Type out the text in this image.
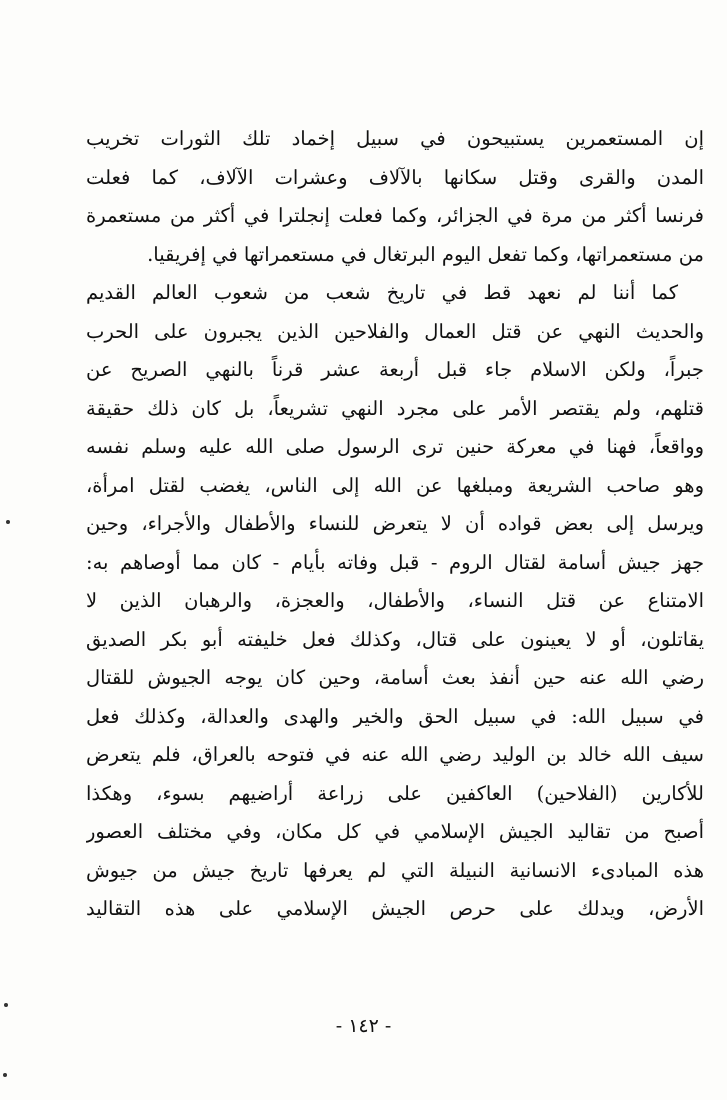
إن المستعمرين يستبيحون في سبيل إخماد تلك الثورات تخريب
المدن والقرى وقتل سكانها بالآلاف وعشرات الآلاف، كما فعلت
فرنسا أكثر من مرة في الجزائر، وكما فعلت إنجلترا في أكثر من مستعمرة
من مستعمراتها، وكما تفعل اليوم البرتغال في مستعمراتها في إفريقيا.
كما أننا لم نعهد قط في تاريخ شعب من شعوب العالم القديم
والحديث النهي عن قتل العمال والفلاحين الذين يجبرون على الحرب
جبراً، ولكن الاسلام جاء قبل أربعة عشر قرناً بالنهي الصريح عن
قتلهم، ولم يقتصر الأمر على مجرد النهي تشريعاً، بل كان ذلك حقيقة
وواقعاً، فهنا في معركة حنين ترى الرسول صلى الله عليه وسلم نفسه
وهو صاحب الشريعة ومبلغها عن الله إلى الناس، يغضب لقتل امرأة،
ويرسل إلى بعض قواده أن لا يتعرض للنساء والأطفال والأجراء، وحين
جهز جيش أسامة لقتال الروم - قبل وفاته بأيام - كان مما أوصاهم به:
الامتناع عن قتل النساء، والأطفال، والعجزة، والرهبان الذين لا
يقاتلون، أو لا يعينون على قتال، وكذلك فعل خليفته أبو بكر الصديق
رضي الله عنه حين أنفذ بعث أسامة، وحين كان يوجه الجيوش للقتال
في سبيل الله: في سبيل الحق والخير والهدى والعدالة، وكذلك فعل
سيف الله خالد بن الوليد رضي الله عنه في فتوحه بالعراق، فلم يتعرض
للأكارين (الفلاحين) العاكفين على زراعة أراضيهم بسوء، وهكذا
أصبح من تقاليد الجيش الإسلامي في كل مكان، وفي مختلف العصور
هذه المبادىء الانسانية النبيلة التي لم يعرفها تاريخ جيش من جيوش
الأرض، ويدلك على حرص الجيش الإسلامي على هذه التقاليد
- ١٤٢ -
